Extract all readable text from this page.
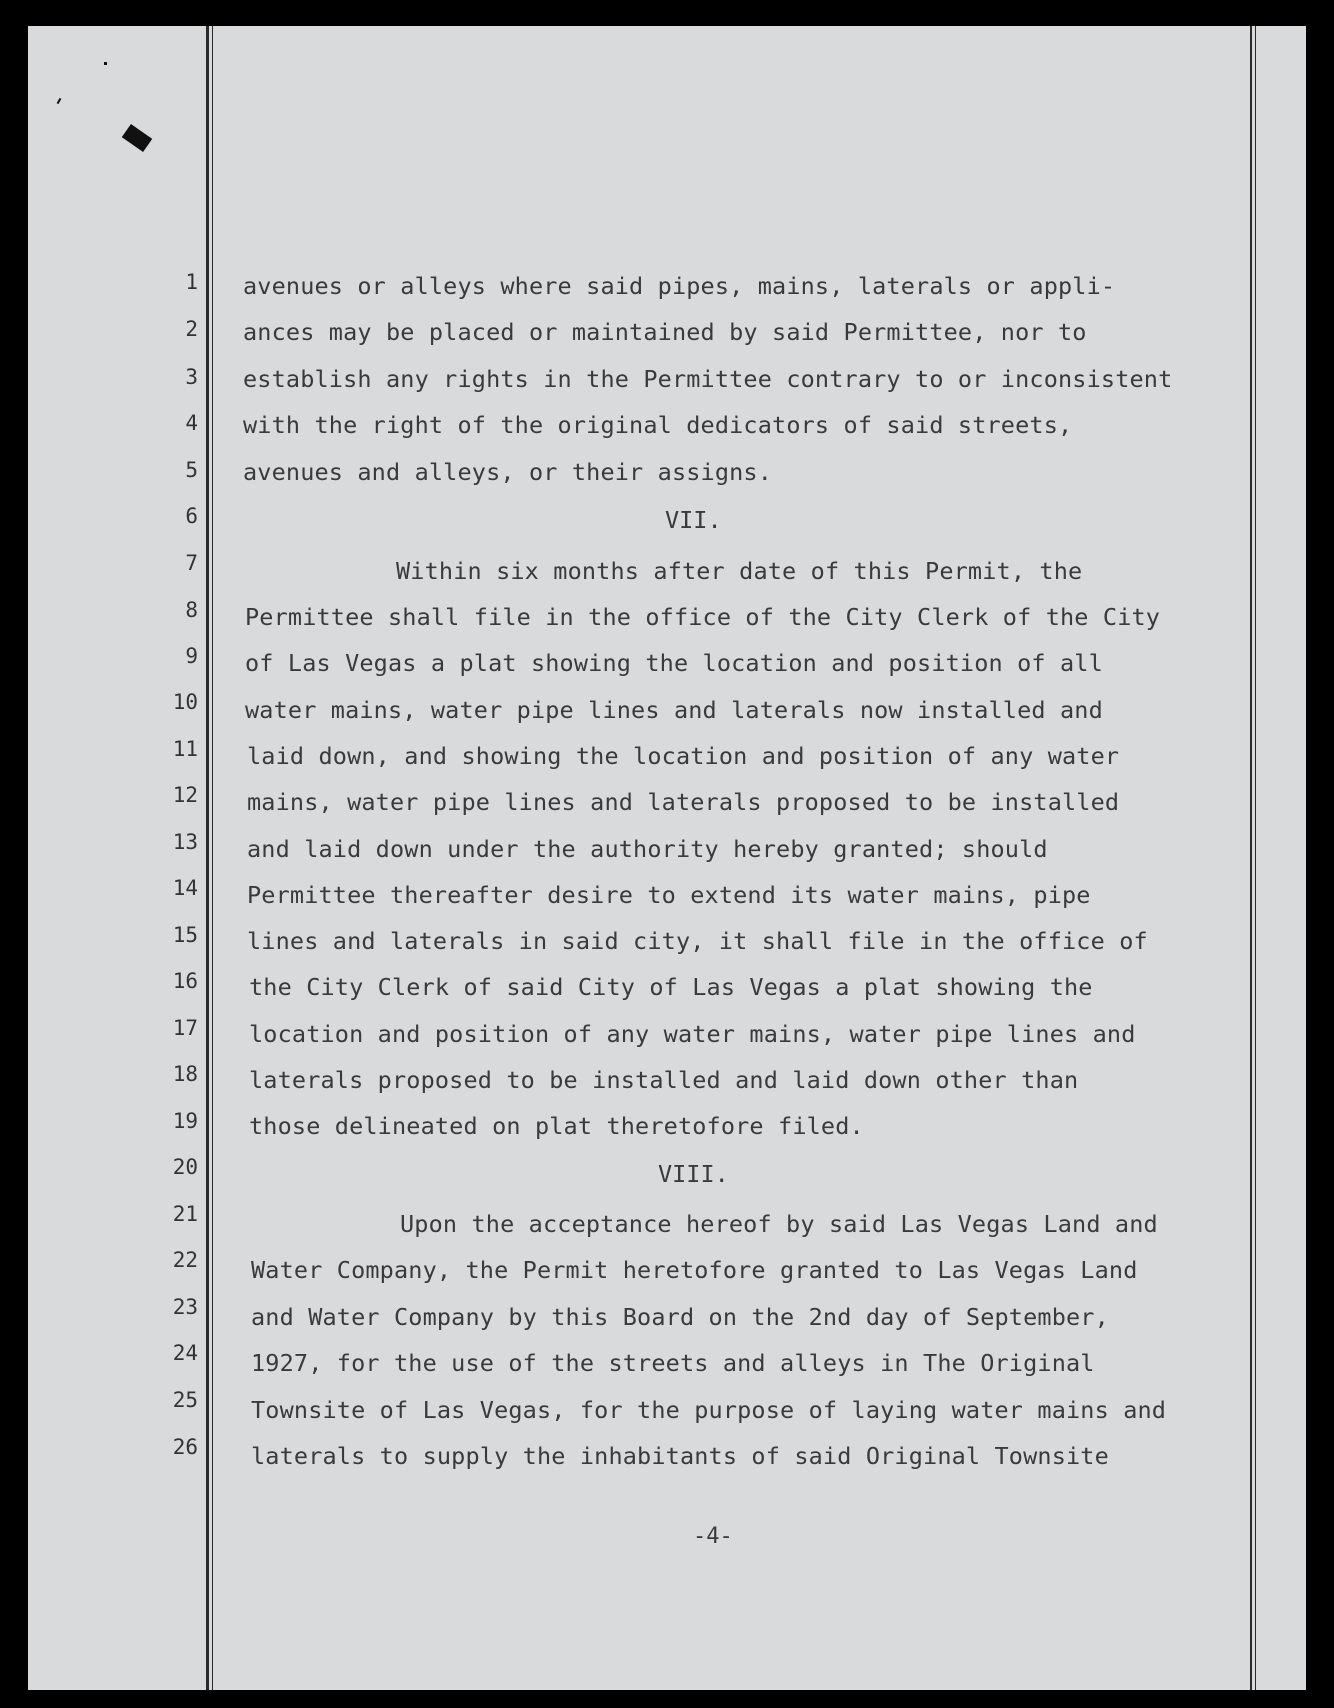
1
2
3
4
5
6
7
8
9
10
11
12
13
14
15
16
17
18
19
20
21
22
23
24
25
26
avenues or alleys where said pipes, mains, laterals or appli-
ances may be placed or maintained by said Permittee, nor to
establish any rights in the Permittee contrary to or inconsistent
with the right of the original dedicators of said streets,
avenues and alleys, or their assigns.
VII.
Within six months after date of this Permit, the
Permittee shall file in the office of the City Clerk of the City
of Las Vegas a plat showing the location and position of all
water mains, water pipe lines and laterals now installed and
laid down, and showing the location and position of any water
mains, water pipe lines and laterals proposed to be installed
and laid down under the authority hereby granted; should
Permittee thereafter desire to extend its water mains, pipe
lines and laterals in said city, it shall file in the office of
the City Clerk of said City of Las Vegas a plat showing the
location and position of any water mains, water pipe lines and
laterals proposed to be installed and laid down other than
those delineated on plat theretofore filed.
VIII.
Upon the acceptance hereof by said Las Vegas Land and
Water Company, the Permit heretofore granted to Las Vegas Land
and Water Company by this Board on the 2nd day of September,
1927, for the use of the streets and alleys in The Original
Townsite of Las Vegas, for the purpose of laying water mains and
laterals to supply the inhabitants of said Original Townsite
-4-
